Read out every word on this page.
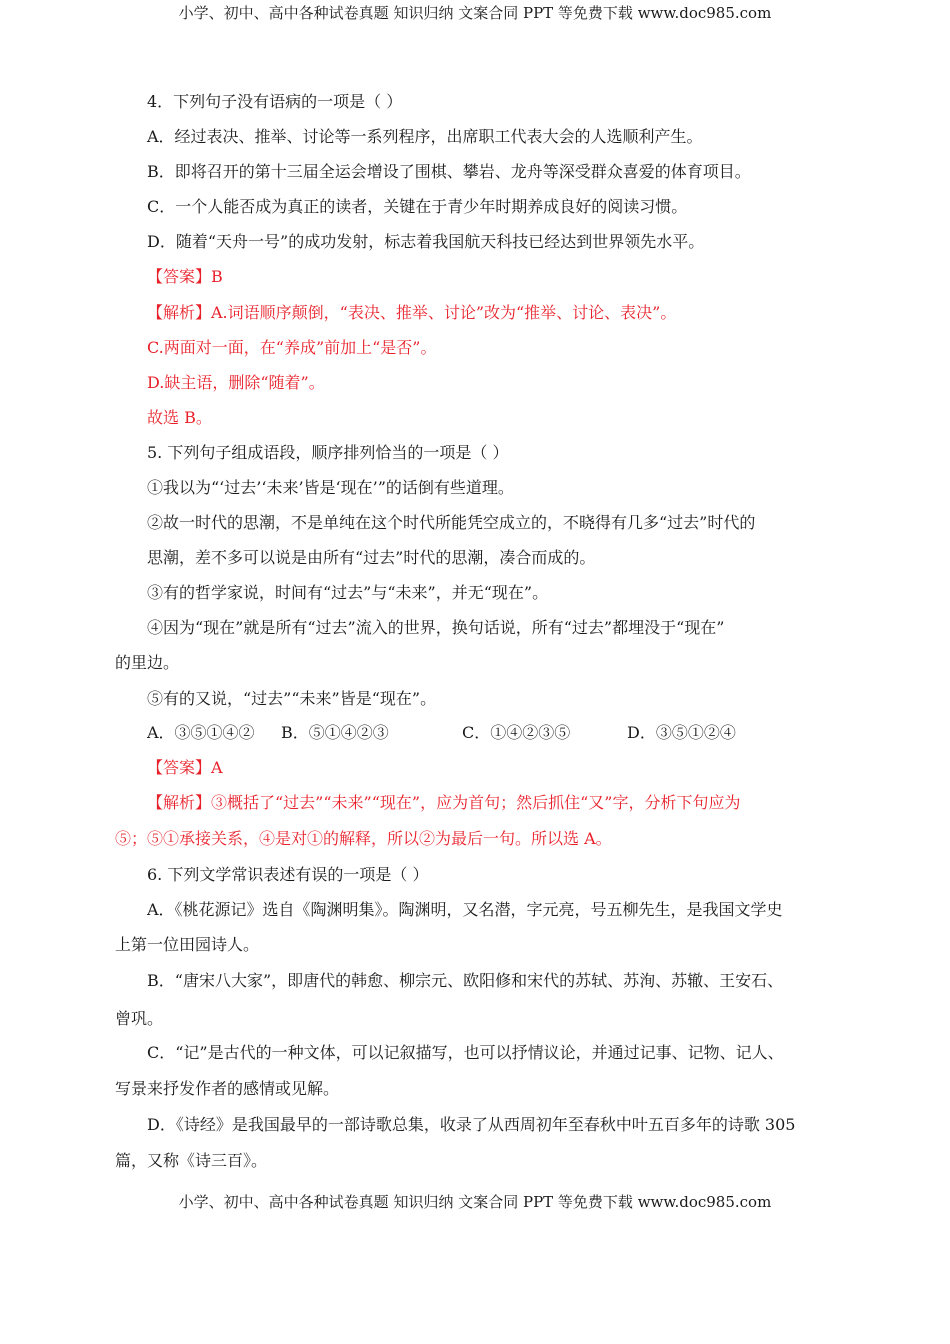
小学、初中、高中各种试卷真题 知识归纳 文案合同 PPT 等免费下载 www.doc985.com
4．下列句子没有语病的一项是（ ）
A．经过表决、推举、讨论等一系列程序，出席职工代表大会的人选顺利产生。
B．即将召开的第十三届全运会增设了围棋、攀岩、龙舟等深受群众喜爱的体育项目。
C．一个人能否成为真正的读者，关键在于青少年时期养成良好的阅读习惯。
D．随着“天舟一号”的成功发射，标志着我国航天科技已经达到世界领先水平。
【答案】B
【解析】A.词语顺序颠倒，“表决、推举、讨论”改为“推举、讨论、表决”。
C.两面对一面，在“养成”前加上“是否”。
D.缺主语，删除“随着”。
故选 B。
5. 下列句子组成语段，顺序排列恰当的一项是（ ）
①我以为“‘过去’‘未来’皆是‘现在’”的话倒有些道理。
②故一时代的思潮，不是单纯在这个时代所能凭空成立的，不晓得有几多“过去”时代的
思潮，差不多可以说是由所有“过去”时代的思潮，凑合而成的。
③有的哲学家说，时间有“过去”与“未来”，并无“现在”。
④因为“现在”就是所有“过去”流入的世界，换句话说，所有“过去”都埋没于“现在”
的里边。
⑤有的又说，“过去”“未来”皆是“现在”。
A．③⑤①④② B．⑤①④②③	C．①④②③⑤	D．③⑤①②④
【答案】A
【解析】③概括了“过去”“未来”“现在”，应为首句；然后抓住“又”字，分析下句应为
⑤；⑤①承接关系，④是对①的解释，所以②为最后一句。所以选 A。
6. 下列文学常识表述有误的一项是（ ）
A．《桃花源记》选自《陶渊明集》。陶渊明，又名潜，字元亮，号五柳先生，是我国文学史
上第一位田园诗人。
B．“唐宋八大家”，即唐代的韩愈、柳宗元、欧阳修和宋代的苏轼、苏洵、苏辙、王安石、
曾巩。
C．“记”是古代的一种文体，可以记叙描写，也可以抒情议论，并通过记事、记物、记人、
写景来抒发作者的感情或见解。
D．《诗经》是我国最早的一部诗歌总集，收录了从西周初年至春秋中叶五百多年的诗歌 305
篇，又称《诗三百》。
小学、初中、高中各种试卷真题 知识归纳 文案合同 PPT 等免费下载 www.doc985.com
